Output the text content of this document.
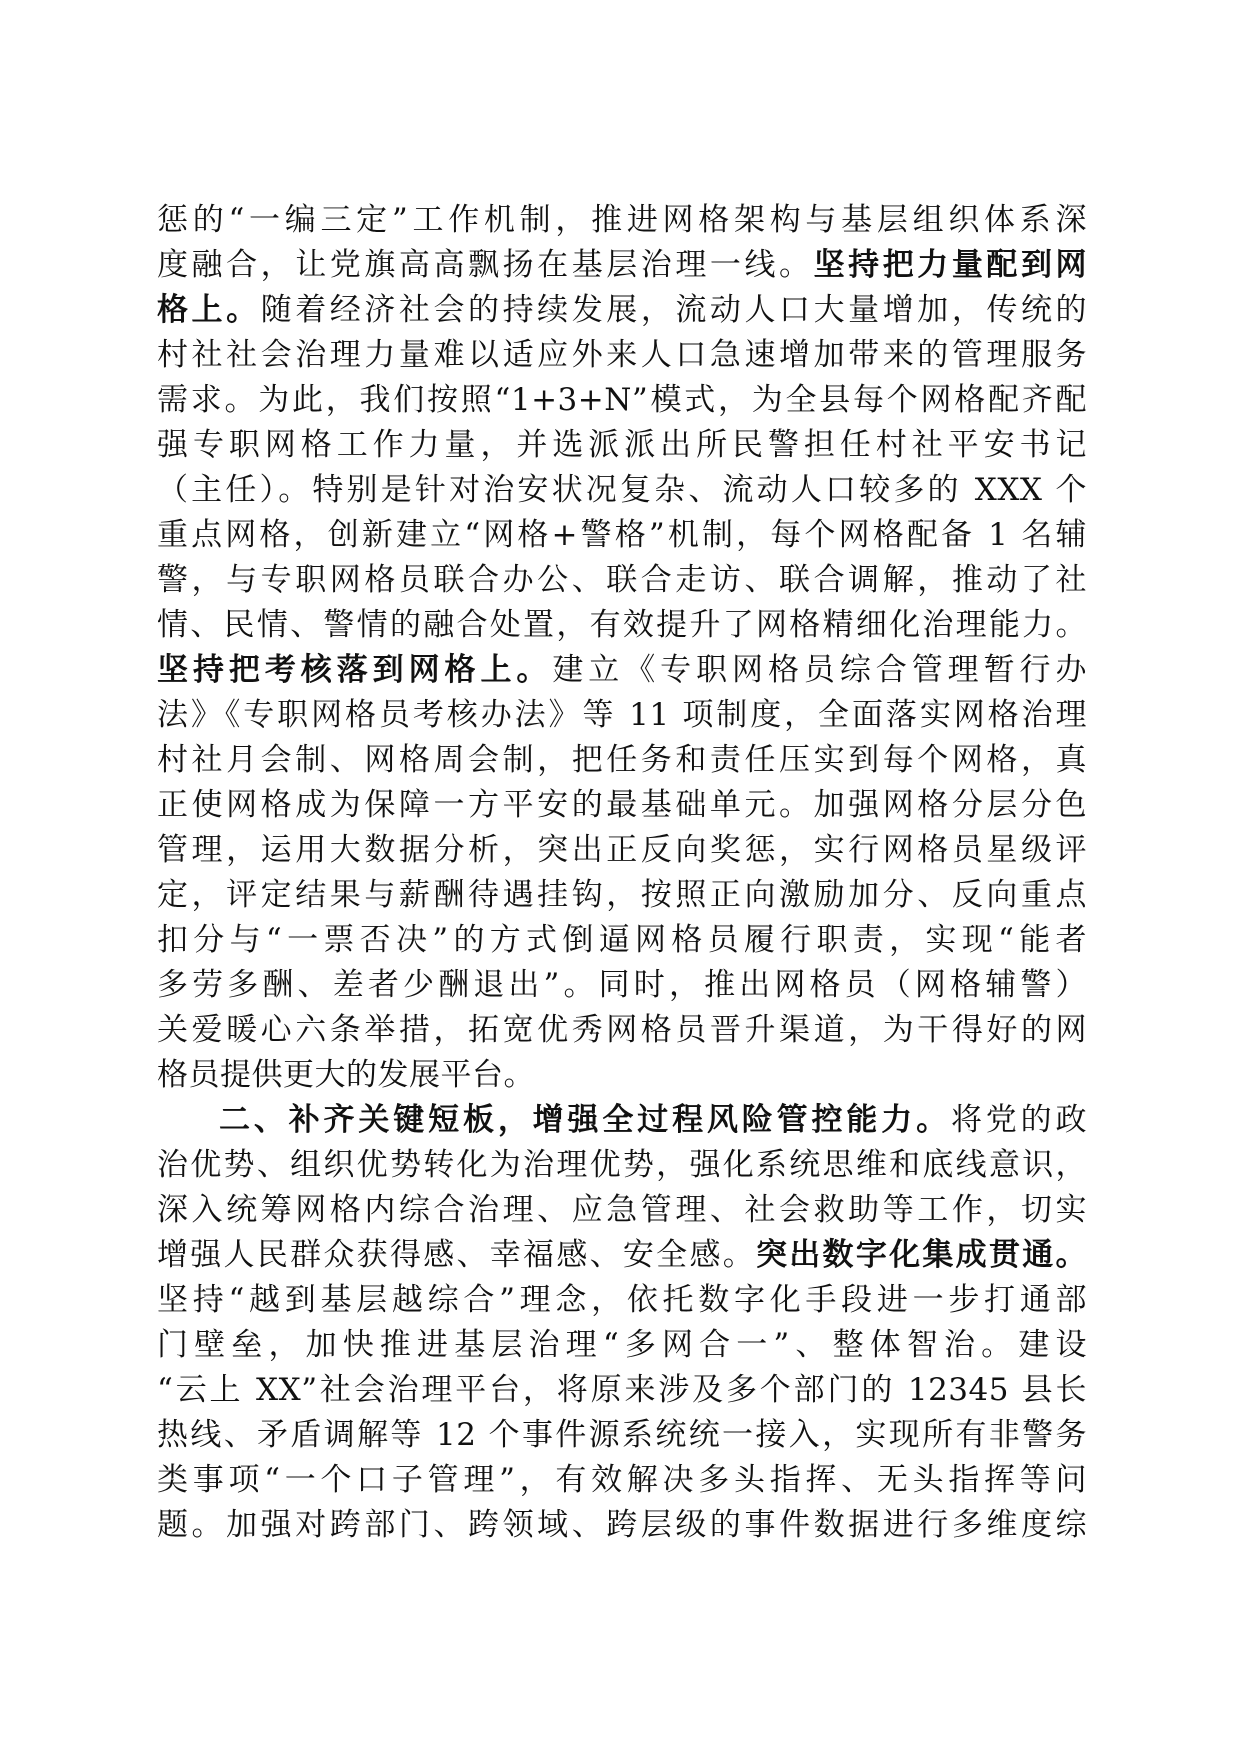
惩的“一编三定”工作机制，推进网格架构与基层组织体系深
度融合，让党旗高高飘扬在基层治理一线。坚持把力量配到网
格上。随着经济社会的持续发展，流动人口大量增加，传统的
村社社会治理力量难以适应外来人口急速增加带来的管理服务
需求。为此，我们按照“1+3+N”模式，为全县每个网格配齐配
强专职网格工作力量，并选派派出所民警担任村社平安书记
（主任）。特别是针对治安状况复杂、流动人口较多的 XXX 个
重点网格，创新建立“网格+警格”机制，每个网格配备 1 名辅
警，与专职网格员联合办公、联合走访、联合调解，推动了社
情、民情、警情的融合处置，有效提升了网格精细化治理能力。
坚持把考核落到网格上。建立《专职网格员综合管理暂行办
法》《专职网格员考核办法》等 11 项制度，全面落实网格治理
村社月会制、网格周会制，把任务和责任压实到每个网格，真
正使网格成为保障一方平安的最基础单元。加强网格分层分色
管理，运用大数据分析，突出正反向奖惩，实行网格员星级评
定，评定结果与薪酬待遇挂钩，按照正向激励加分、反向重点
扣分与“一票否决”的方式倒逼网格员履行职责，实现“能者
多劳多酬、差者少酬退出”。同时，推出网格员（网格辅警）
关爱暖心六条举措，拓宽优秀网格员晋升渠道，为干得好的网
格员提供更大的发展平台。
二、补齐关键短板，增强全过程风险管控能力。将党的政
治优势、组织优势转化为治理优势，强化系统思维和底线意识，
深入统筹网格内综合治理、应急管理、社会救助等工作，切实
增强人民群众获得感、幸福感、安全感。突出数字化集成贯通。
坚持“越到基层越综合”理念，依托数字化手段进一步打通部
门壁垒，加快推进基层治理“多网合一”、整体智治。建设
“云上 XX”社会治理平台，将原来涉及多个部门的 12345 县长
热线、矛盾调解等 12 个事件源系统统一接入，实现所有非警务
类事项“一个口子管理”，有效解决多头指挥、无头指挥等问
题。加强对跨部门、跨领域、跨层级的事件数据进行多维度综
